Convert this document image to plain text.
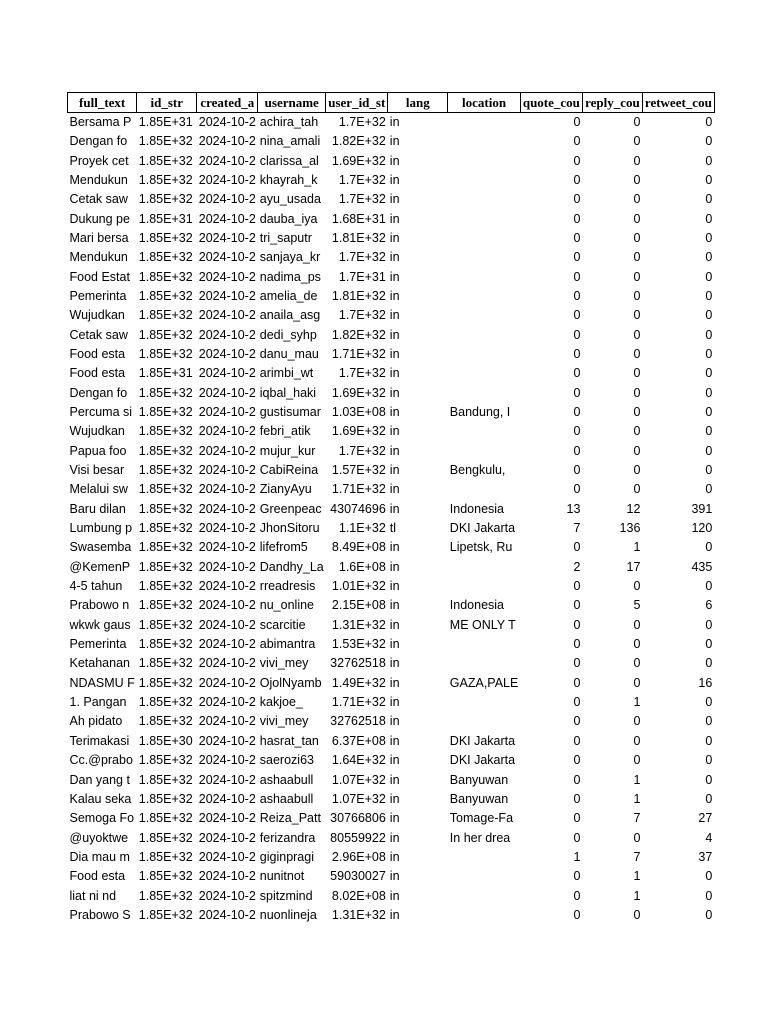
full_text	id_str	created_a	username	user_id_st	lang	location	quote_cou	reply_cou	retweet_cou
Bersama P	1.85E+31	2024-10-2	achira_tah	1.7E+32	in		0	0	0
Dengan fo	1.85E+32	2024-10-2	nina_amali	1.82E+32	in		0	0	0
Proyek cet	1.85E+32	2024-10-2	clarissa_al	1.69E+32	in		0	0	0
Mendukun	1.85E+32	2024-10-2	khayrah_k	1.7E+32	in		0	0	0
Cetak saw	1.85E+32	2024-10-2	ayu_usada	1.7E+32	in		0	0	0
Dukung pe	1.85E+31	2024-10-2	dauba_iya	1.68E+31	in		0	0	0
Mari bersa	1.85E+32	2024-10-2	tri_saputr	1.81E+32	in		0	0	0
Mendukun	1.85E+32	2024-10-2	sanjaya_kr	1.7E+32	in		0	0	0
Food Estat	1.85E+32	2024-10-2	nadima_ps	1.7E+31	in		0	0	0
Pemerinta	1.85E+32	2024-10-2	amelia_de	1.81E+32	in		0	0	0
Wujudkan	1.85E+32	2024-10-2	anaila_asg	1.7E+32	in		0	0	0
Cetak saw	1.85E+32	2024-10-2	dedi_syhp	1.82E+32	in		0	0	0
Food esta	1.85E+32	2024-10-2	danu_mau	1.71E+32	in		0	0	0
Food esta	1.85E+31	2024-10-2	arimbi_wt	1.7E+32	in		0	0	0
Dengan fo	1.85E+32	2024-10-2	iqbal_haki	1.69E+32	in		0	0	0
Percuma si	1.85E+32	2024-10-2	gustisumar	1.03E+08	in	Bandung, I	0	0	0
Wujudkan	1.85E+32	2024-10-2	febri_atik	1.69E+32	in		0	0	0
Papua foo	1.85E+32	2024-10-2	mujur_kur	1.7E+32	in		0	0	0
Visi besar	1.85E+32	2024-10-2	CabiReina	1.57E+32	in	Bengkulu,	0	0	0
Melalui sw	1.85E+32	2024-10-2	ZianyAyu	1.71E+32	in		0	0	0
Baru dilan	1.85E+32	2024-10-2	Greenpeac	43074696	in	Indonesia	13	12	391
Lumbung p	1.85E+32	2024-10-2	JhonSitoru	1.1E+32	tl	DKI Jakarta	7	136	120
Swasemba	1.85E+32	2024-10-2	lifefrom5	8.49E+08	in	Lipetsk, Ru	0	1	0
@KemenP	1.85E+32	2024-10-2	Dandhy_La	1.6E+08	in		2	17	435
4-5 tahun	1.85E+32	2024-10-2	rreadresis	1.01E+32	in		0	0	0
Prabowo n	1.85E+32	2024-10-2	nu_online	2.15E+08	in	Indonesia	0	5	6
wkwk gaus	1.85E+32	2024-10-2	scarcitie	1.31E+32	in	ME ONLY T	0	0	0
Pemerinta	1.85E+32	2024-10-2	abimantra	1.53E+32	in		0	0	0
Ketahanan	1.85E+32	2024-10-2	vivi_mey	32762518	in		0	0	0
NDASMU F	1.85E+32	2024-10-2	OjolNyamb	1.49E+32	in	GAZA,PALE	0	0	16
1. Pangan	1.85E+32	2024-10-2	kakjoe_	1.71E+32	in		0	1	0
Ah pidato	1.85E+32	2024-10-2	vivi_mey	32762518	in		0	0	0
Terimakasi	1.85E+30	2024-10-2	hasrat_tan	6.37E+08	in	DKI Jakarta	0	0	0
Cc.@prabo	1.85E+32	2024-10-2	saerozi63	1.64E+32	in	DKI Jakarta	0	0	0
Dan yang t	1.85E+32	2024-10-2	ashaabull	1.07E+32	in	Banyuwan	0	1	0
Kalau seka	1.85E+32	2024-10-2	ashaabull	1.07E+32	in	Banyuwan	0	1	0
Semoga Fo	1.85E+32	2024-10-2	Reiza_Patt	30766806	in	Tomage-Fa	0	7	27
@uyoktwe	1.85E+32	2024-10-2	ferizandra	80559922	in	In her drea	0	0	4
Dia mau m	1.85E+32	2024-10-2	giginpragi	2.96E+08	in		1	7	37
Food esta	1.85E+32	2024-10-2	nunitnot	59030027	in		0	1	0
liat ni nd	1.85E+32	2024-10-2	spitzmind	8.02E+08	in		0	1	0
Prabowo S	1.85E+32	2024-10-2	nuonlineja	1.31E+32	in		0	0	0
